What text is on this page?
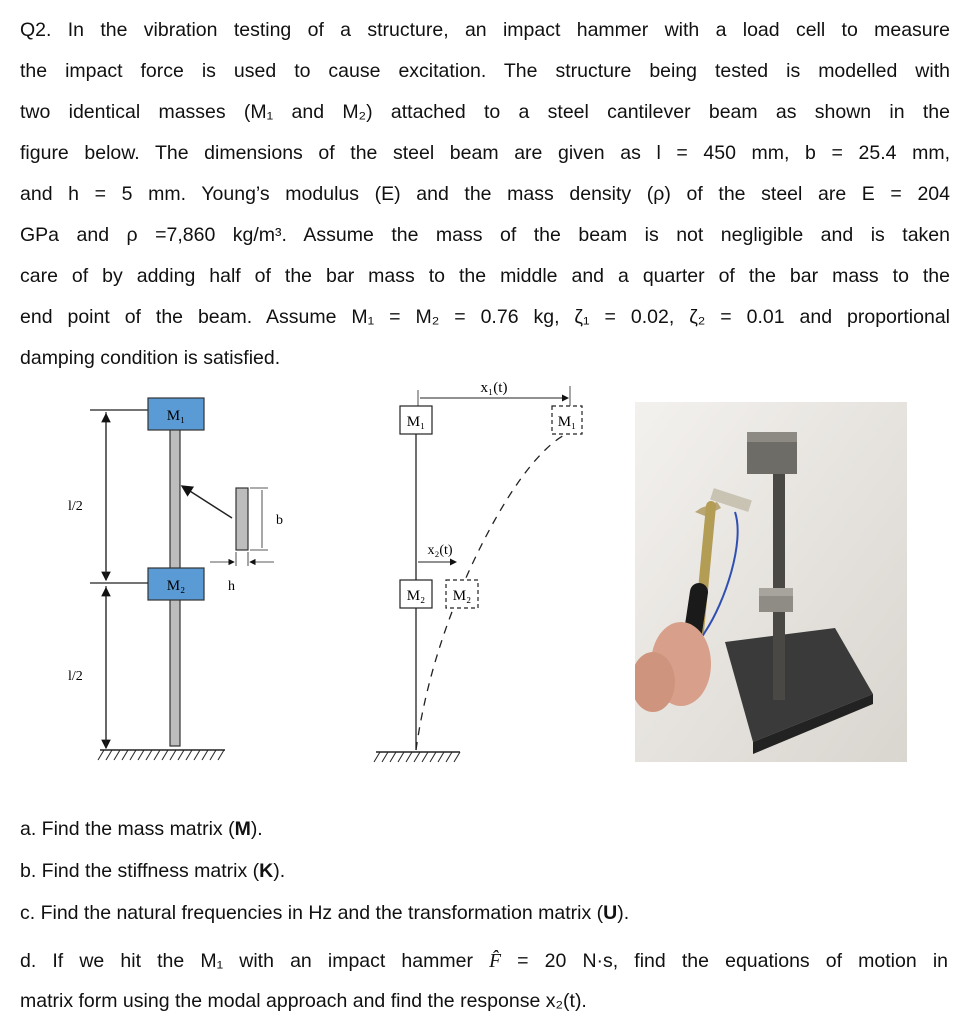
Q2. In the vibration testing of a structure, an impact hammer with a load cell to measure
the impact force is used to cause excitation. The structure being tested is modelled with
two identical masses (M₁ and M₂) attached to a steel cantilever beam as shown in the
figure below. The dimensions of the steel beam are given as l = 450 mm, b = 25.4 mm,
and h = 5 mm. Young’s modulus (E) and the mass density (ρ) of the steel are E = 204
GPa and ρ =7,860 kg/m³. Assume the mass of the beam is not negligible and is taken
care of by adding half of the bar mass to the middle and a quarter of the bar mass to the
end point of the beam. Assume M₁ = M₂ = 0.76 kg, ζ₁ = 0.02, ζ₂ = 0.01 and proportional
damping condition is satisfied.
M₁
M₂
l/2
l/2
b
h
x₁(t)
M₁
M₂
M₁
M₂
x₂(t)
a. Find the mass matrix (M).
b. Find the stiffness matrix (K).
c. Find the natural frequencies in Hz and the transformation matrix (U).
d. If we hit the M₁ with an impact hammer F̂ = 20 N·s, find the equations of motion in
matrix form using the modal approach and find the response x₂(t).
